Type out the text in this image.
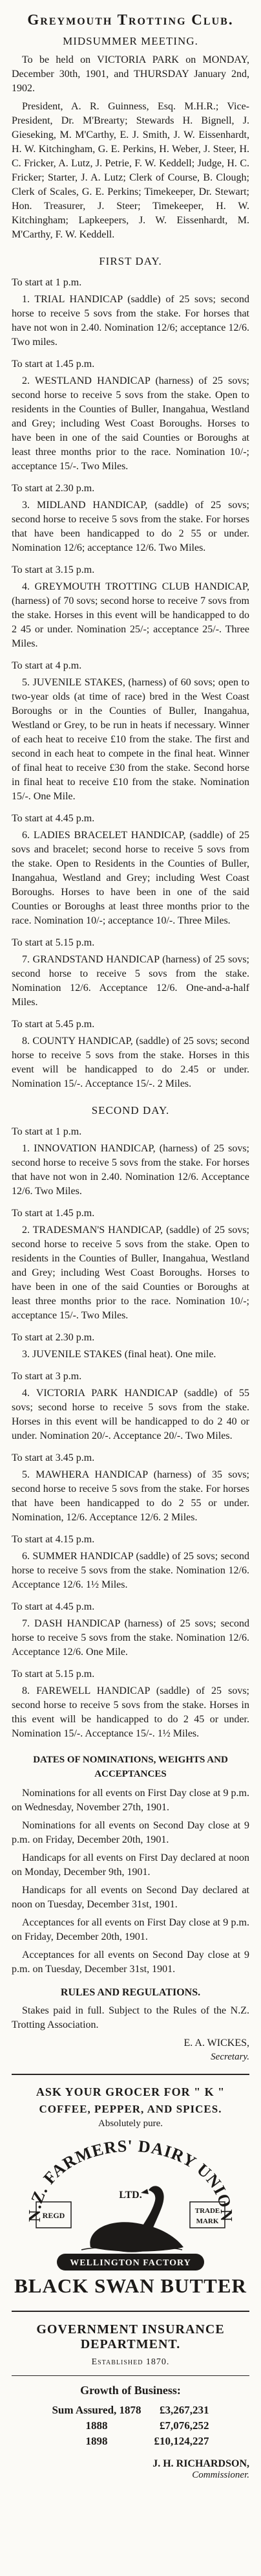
Greymouth Trotting Club.
MIDSUMMER MEETING.

To be held on VICTORIA PARK on MONDAY, December 30th, 1901, and THURSDAY January 2nd, 1902.

President, A. R. Guinness, Esq. M.H.R.; Vice-President, Dr. M'Brearty; Stewards H. Bignell, J. Gieseking, M. M'Carthy, E. J. Smith, J. W. Eissenhardt, H. W. Kitchingham, G. E. Perkins, H. Weber, J. Steer, H. C. Fricker, A. Lutz, J. Petrie, F. W. Keddell; Judge, H. C. Fricker; Starter, J. A. Lutz; Clerk of Course, B. Clough; Clerk of Scales, G. E. Perkins; Timekeeper, Dr. Stewart; Hon. Treasurer, J. Steer; Timekeeper, H. W. Kitchingham; Lapkeepers, J. W. Eissenhardt, M. M'Carthy, F. W. Keddell.

FIRST DAY.
To start at 1 p.m.

1. TRIAL HANDICAP (saddle) of 25 sovs; second horse to receive 5 sovs from the stake. For horses that have not won in 2.40. Nomination 12/6; acceptance 12/6. Two miles.

To start at 1.45 p.m.

2. WESTLAND HANDICAP (harness) of 25 sovs; second horse to receive 5 sovs from the stake. Open to residents in the Counties of Buller, Inangahua, Westland and Grey; including West Coast Boroughs. Horses to have been in one of the said Counties or Boroughs at least three months prior to the race. Nomination 10/-; acceptance 15/-. Two Miles.

To start at 2.30 p.m.

3. MIDLAND HANDICAP, (saddle) of 25 sovs; second horse to receive 5 sovs from the stake. For horses that have been handicapped to do 2 55 or under. Nomination 12/6; acceptance 12/6. Two Miles.

To start at 3.15 p.m.

4. GREYMOUTH TROTTING CLUB HANDICAP, (harness) of 70 sovs; second horse to receive 7 sovs from the stake. Horses in this event will be handicapped to do 2 45 or under. Nomination 25/-; acceptance 25/-. Three Miles.

To start at 4 p.m.

5. JUVENILE STAKES, (harness) of 60 sovs; open to two-year olds (at time of race) bred in the West Coast Boroughs or in the Counties of Buller, Inangahua, Westland or Grey, to be run in heats if necessary. Winner of each heat to receive £10 from the stake. The first and second in each heat to compete in the final heat. Winner of final heat to receive £30 from the stake. Second horse in final heat to receive £10 from the stake. Nomination 15/-. One Mile.

To start at 4.45 p.m.

6. LADIES BRACELET HANDICAP, (saddle) of 25 sovs and bracelet; second horse to receive 5 sovs from the stake. Open to Residents in the Counties of Buller, Inangahua, Westland and Grey; including West Coast Boroughs. Horses to have been in one of the said Counties or Boroughs at least three months prior to the race. Nomination 10/-; acceptance 10/-. Three Miles.

To start at 5.15 p.m.

7. GRANDSTAND HANDICAP (harness) of 25 sovs; second horse to receive 5 sovs from the stake. Nomination 12/6. Acceptance 12/6. One-and-a-half Miles.

To start at 5.45 p.m.

8. COUNTY HANDICAP, (saddle) of 25 sovs; second horse to receive 5 sovs from the stake. Horses in this event will be handicapped to do 2.45 or under. Nomination 15/-. Acceptance 15/-. 2 Miles.

SECOND DAY.
To start at 1 p.m.

1. INNOVATION HANDICAP, (harness) of 25 sovs; second horse to receive 5 sovs from the stake. For horses that have not won in 2.40. Nomination 12/6. Acceptance 12/6. Two Miles.

To start at 1.45 p.m.

2. TRADESMAN'S HANDICAP, (saddle) of 25 sovs; second horse to receive 5 sovs from the stake. Open to residents in the Counties of Buller, Inangahua, Westland and Grey; including West Coast Boroughs. Horses to have been in one of the said Counties or Boroughs at least three months prior to the race. Nomination 10/-; acceptance 15/-. Two Miles.

To start at 2.30 p.m.

3. JUVENILE STAKES (final heat). One mile.

To start at 3 p.m.

4. VICTORIA PARK HANDICAP (saddle) of 55 sovs; second horse to receive 5 sovs from the stake. Horses in this event will be handicapped to do 2 40 or under. Nomination 20/-. Acceptance 20/-. Two Miles.

To start at 3.45 p.m.

5. MAWHERA HANDICAP (harness) of 35 sovs; second horse to receive 5 sovs from the stake. For horses that have been handicapped to do 2 55 or under. Nomination, 12/6. Acceptance 12/6. 2 Miles.

To start at 4.15 p.m.

6. SUMMER HANDICAP (saddle) of 25 sovs; second horse to receive 5 sovs from the stake. Nomination 12/6. Acceptance 12/6. 1½ Miles.

To start at 4.45 p.m.

7. DASH HANDICAP (harness) of 25 sovs; second horse to receive 5 sovs from the stake. Nomination 12/6. Acceptance 12/6. One Mile.

To start at 5.15 p.m.

8. FAREWELL HANDICAP (saddle) of 25 sovs; second horse to receive 5 sovs from the stake. Horses in this event will be handicapped to do 2 45 or under. Nomination 15/-. Acceptance 15/-. 1½ Miles.

DATES OF NOMINATIONS, WEIGHTS AND ACCEPTANCES

Nominations for all events on First Day close at 9 p.m. on Wednesday, November 27th, 1901.

Nominations for all events on Second Day close at 9 p.m. on Friday, December 20th, 1901.

Handicaps for all events on First Day declared at noon on Monday, December 9th, 1901.

Handicaps for all events on Second Day declared at noon on Tuesday, December 31st, 1901.

Acceptances for all events on First Day close at 9 p.m. on Friday, December 20th, 1901.

Acceptances for all events on Second Day close at 9 p.m. on Tuesday, December 31st, 1901.

RULES AND REGULATIONS.

Stakes paid in full. Subject to the Rules of the N.Z. Trotting Association.

E. A. WICKES,
Secretary.
ASK YOUR GROCER FOR " K "
COFFEE, PEPPER, AND SPICES.
Absolutely pure.
N.Z. FARMERS' DAIRY UNION
LTD.
REGD	TRADE
MARK
WELLINGTON FACTORY
BLACK SWAN BUTTER
GOVERNMENT INSURANCE
DEPARTMENT.
Established 1870.
Growth of Business:
Sum Assured, 1878	£3,267,231
1888	£7,076,252
1898	£10,124,227
J. H. RICHARDSON,
Commissioner.
